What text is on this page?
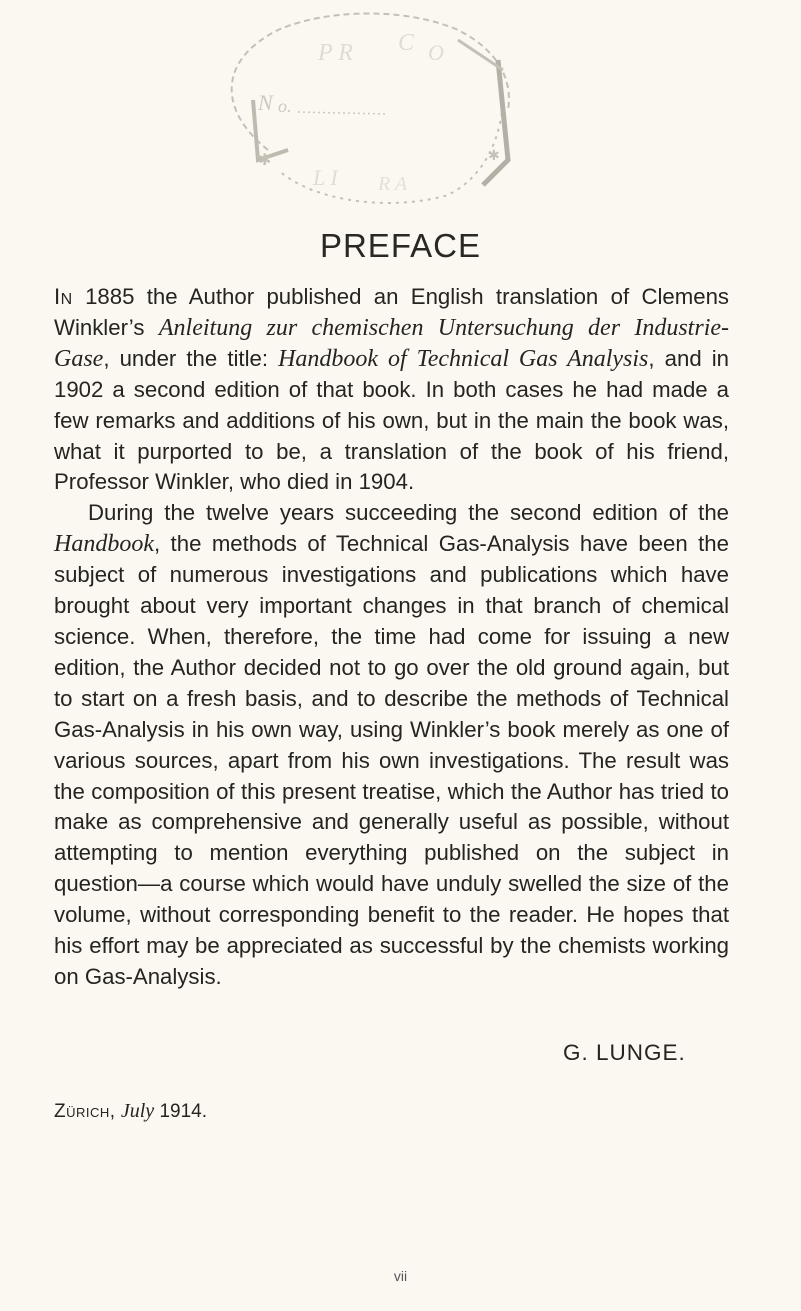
N o.
P R C O
L I R A
✱	✱
PREFACE

In 1885 the Author published an English translation of Clemens Winkler’s Anleitung zur chemischen Untersuchung der Industrie-Gase, under the title: Handbook of Technical Gas Analysis, and in 1902 a second edition of that book. In both cases he had made a few remarks and additions of his own, but in the main the book was, what it purported to be, a translation of the book of his friend, Professor Winkler, who died in 1904.

During the twelve years succeeding the second edition of the Handbook, the methods of Technical Gas-Analysis have been the subject of numerous investigations and publications which have brought about very important changes in that branch of chemical science. When, therefore, the time had come for issuing a new edition, the Author decided not to go over the old ground again, but to start on a fresh basis, and to describe the methods of Technical Gas-Analysis in his own way, using Winkler’s book merely as one of various sources, apart from his own investigations. The result was the composition of this present treatise, which the Author has tried to make as comprehensive and generally useful as possible, without attempting to mention everything published on the subject in question—a course which would have unduly swelled the size of the volume, without corresponding benefit to the reader. He hopes that his effort may be appreciated as successful by the chemists working on Gas-Analysis.

G. LUNGE.

Zürich, July 1914.

vii
